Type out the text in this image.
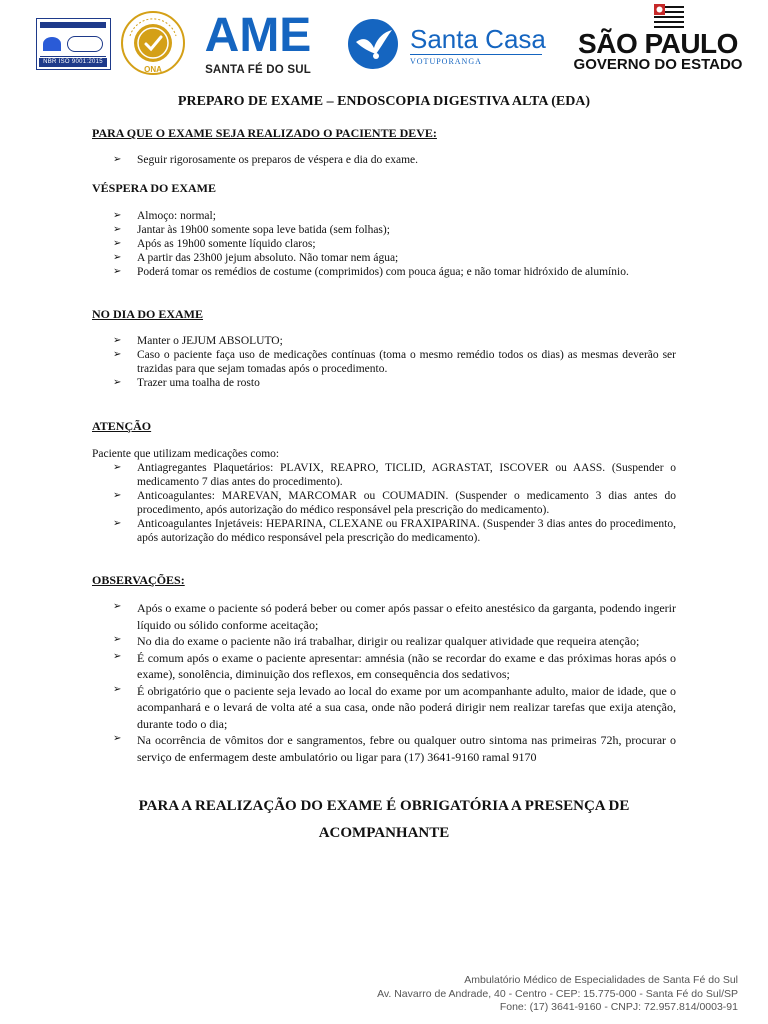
NBR ISO 9001:2015
ONA
AME
SANTA FÉ DO SUL
Santa Casa
VOTUPORANGA
SÃO PAULO
GOVERNO DO ESTADO
PREPARO DE EXAME – ENDOSCOPIA DIGESTIVA ALTA (EDA)
PARA QUE O EXAME SEJA REALIZADO O PACIENTE DEVE:
➢ Seguir rigorosamente os preparos de véspera e dia do exame.
VÉSPERA DO EXAME
➢ Almoço: normal;
➢ Jantar às 19h00 somente sopa leve batida (sem folhas);
➢ Após as 19h00 somente líquido claros;
➢ A partir das 23h00 jejum absoluto. Não tomar nem água;
➢ Poderá tomar os remédios de costume (comprimidos) com pouca água; e não tomar hidróxido de alumínio.
NO DIA DO EXAME
➢ Manter o JEJUM ABSOLUTO;
➢ Caso o paciente faça uso de medicações contínuas (toma o mesmo remédio todos os dias) as mesmas deverão ser trazidas para que sejam tomadas após o procedimento.
➢ Trazer uma toalha de rosto
ATENÇÃO
Paciente que utilizam medicações como:
➢ Antiagregantes Plaquetários: PLAVIX, REAPRO, TICLID, AGRASTAT, ISCOVER ou AASS. (Suspender o medicamento 7 dias antes do procedimento).
➢ Anticoagulantes: MAREVAN, MARCOMAR ou COUMADIN. (Suspender o medicamento 3 dias antes do procedimento, após autorização do médico responsável pela prescrição do medicamento).
➢ Anticoagulantes Injetáveis: HEPARINA, CLEXANE ou FRAXIPARINA. (Suspender 3 dias antes do procedimento, após autorização do médico responsável pela prescrição do medicamento).
OBSERVAÇÕES:
➢ Após o exame o paciente só poderá beber ou comer após passar o efeito anestésico da garganta, podendo ingerir líquido ou sólido conforme aceitação;
➢ No dia do exame o paciente não irá trabalhar, dirigir ou realizar qualquer atividade que requeira atenção;
➢ É comum após o exame o paciente apresentar: amnésia (não se recordar do exame e das próximas horas após o exame), sonolência, diminuição dos reflexos, em consequência dos sedativos;
➢ É obrigatório que o paciente seja levado ao local do exame por um acompanhante adulto, maior de idade, que o acompanhará e o levará de volta até a sua casa, onde não poderá dirigir nem realizar tarefas que exija atenção, durante todo o dia;
➢ Na ocorrência de vômitos dor e sangramentos, febre ou qualquer outro sintoma nas primeiras 72h, procurar o serviço de enfermagem deste ambulatório ou ligar para (17) 3641-9160 ramal 9170
PARA A REALIZAÇÃO DO EXAME É OBRIGATÓRIA A PRESENÇA DE
ACOMPANHANTE
Ambulatório Médico de Especialidades de Santa Fé do Sul
Av. Navarro de Andrade, 40 - Centro - CEP: 15.775-000 - Santa Fé do Sul/SP
Fone: (17) 3641-9160 - CNPJ: 72.957.814/0003-91
